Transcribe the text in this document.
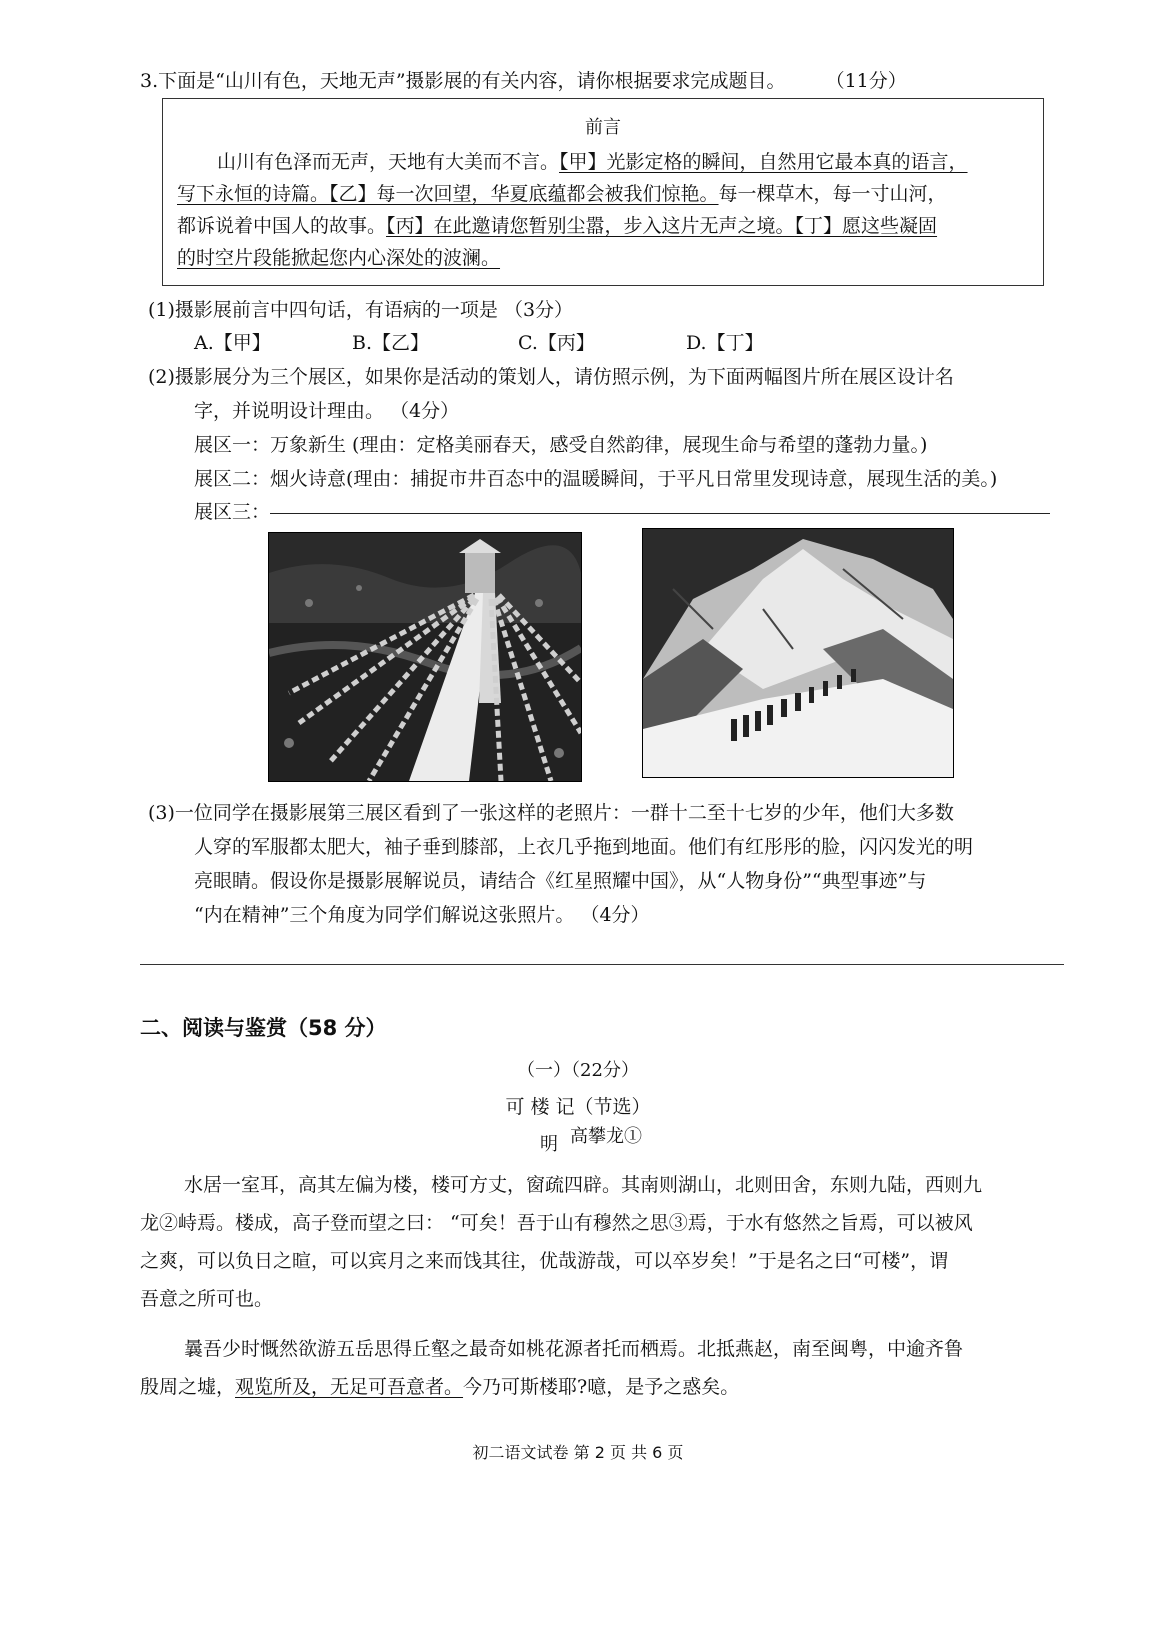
3.下面是“山川有色，天地无声”摄影展的有关内容，请你根据要求完成题目。 （11分）
前言
山川有色泽而无声，天地有大美而不言。【甲】光影定格的瞬间，自然用它最本真的语言，
写下永恒的诗篇。【乙】每一次回望，华夏底蕴都会被我们惊艳。每一棵草木，每一寸山河，
都诉说着中国人的故事。【丙】在此邀请您暂别尘嚣，步入这片无声之境。【丁】愿这些凝固
的时空片段能掀起您内心深处的波澜。
(1)摄影展前言中四句话，有语病的一项是 （3分）
A.【甲】	B.【乙】	C.【丙】	D.【丁】
(2)摄影展分为三个展区，如果你是活动的策划人，请仿照示例，为下面两幅图片所在展区设计名
字，并说明设计理由。 （4分）
展区一：万象新生 (理由：定格美丽春天，感受自然韵律，展现生命与希望的蓬勃力量。)
展区二：烟火诗意(理由：捕捉市井百态中的温暖瞬间，于平凡日常里发现诗意，展现生活的美。)
展区三：
(3)一位同学在摄影展第三展区看到了一张这样的老照片：一群十二至十七岁的少年，他们大多数
人穿的军服都太肥大，袖子垂到膝部，上衣几乎拖到地面。他们有红彤彤的脸，闪闪发光的明
亮眼睛。假设你是摄影展解说员，请结合《红星照耀中国》，从“人物身份”“典型事迹”与
“内在精神”三个角度为同学们解说这张照片。 （4分）
二、阅读与鉴赏（58 分）
（一）（22分）
可 楼 记（节选）
明 高攀龙①
水居一室耳，高其左偏为楼，楼可方丈，窗疏四辟。其南则湖山，北则田舍，东则九陆，西则九
龙②峙焉。楼成，高子登而望之曰： “可矣！吾于山有穆然之思③焉，于水有悠然之旨焉，可以被风
之爽，可以负日之暄，可以宾月之来而饯其往，优哉游哉，可以卒岁矣！”于是名之曰“可楼”，谓
吾意之所可也。
曩吾少时慨然欲游五岳思得丘壑之最奇如桃花源者托而栖焉。北抵燕赵，南至闽粤，中逾齐鲁
殷周之墟，观览所及，无足可吾意者。今乃可斯楼耶?噫，是予之惑矣。
初二语文试卷 第 2 页 共 6 页
